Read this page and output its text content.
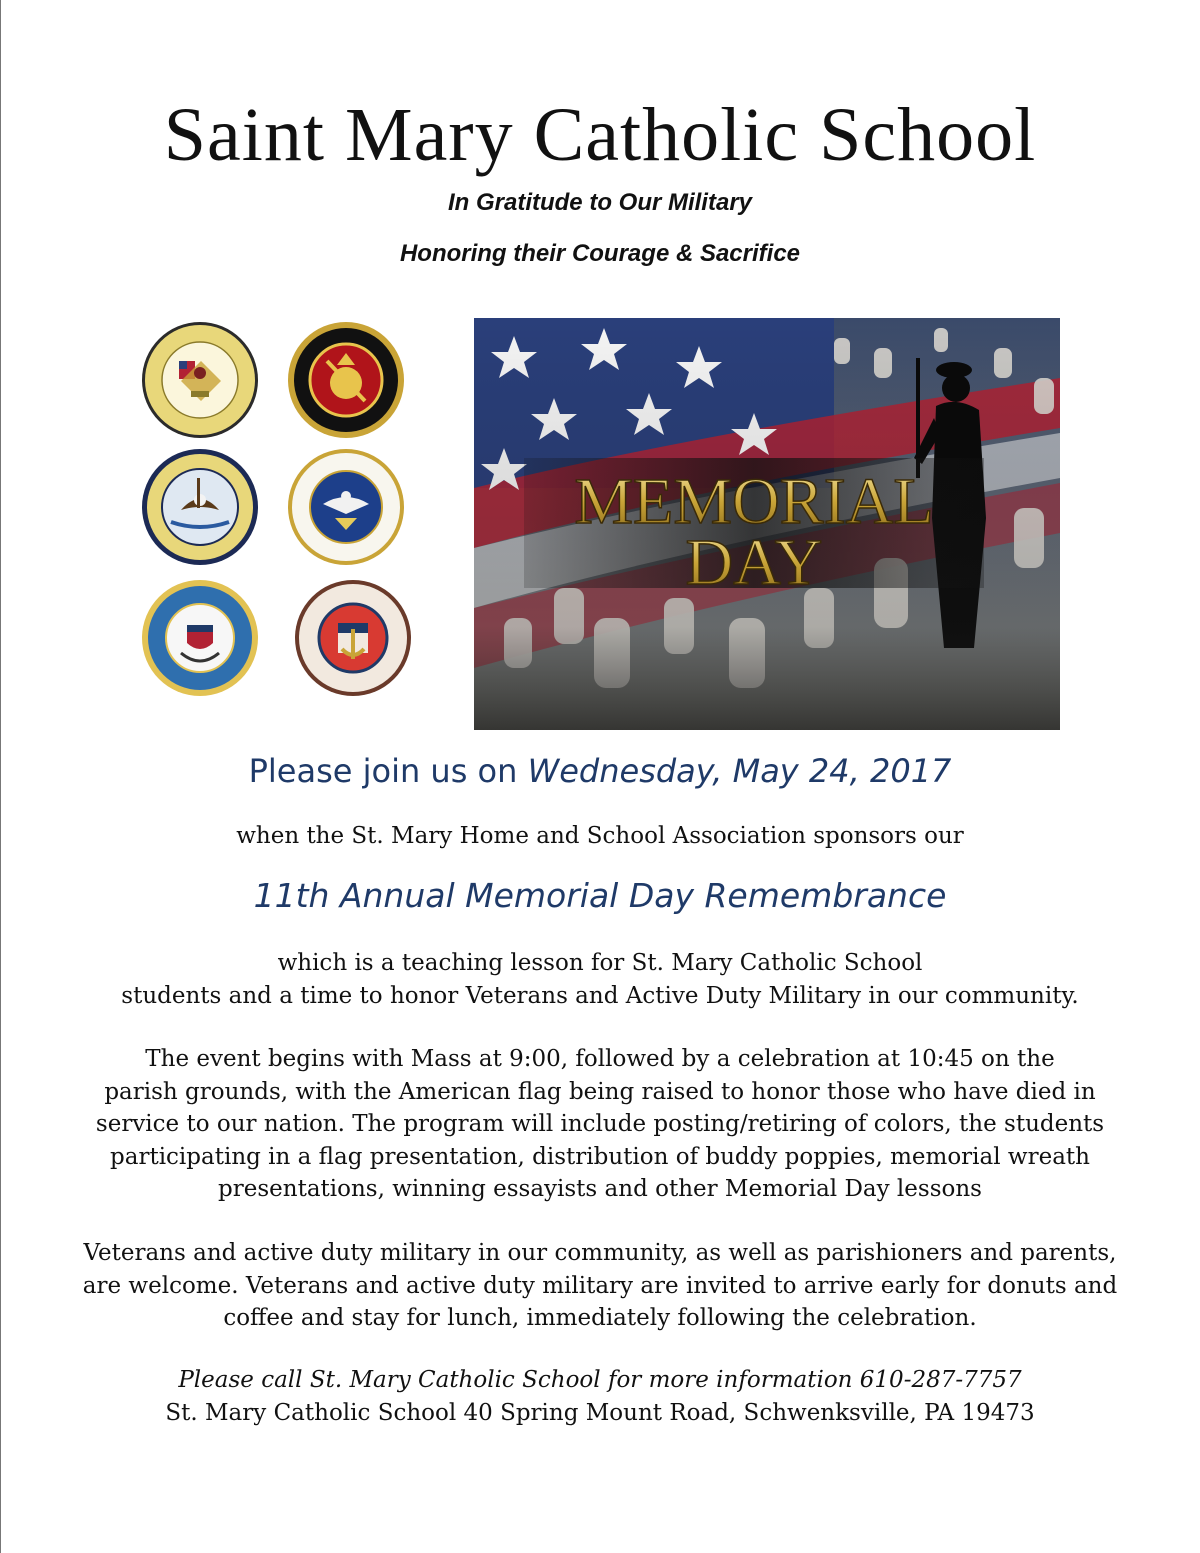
Saint Mary Catholic School
In Gratitude to Our Military
Honoring their Courage & Sacrifice
MEMORIAL
DAY
Please join us on Wednesday, May 24, 2017
when the St. Mary Home and School Association sponsors our
11th Annual Memorial Day Remembrance
which is a teaching lesson for St. Mary Catholic School
students and a time to honor Veterans and Active Duty Military in our community.
The event begins with Mass at 9:00, followed by a celebration at 10:45 on the
parish grounds, with the American flag being raised to honor those who have died in
service to our nation. The program will include posting/retiring of colors, the students
participating in a flag presentation, distribution of buddy poppies, memorial wreath
presentations, winning essayists and other Memorial Day lessons
Veterans and active duty military in our community, as well as parishioners and parents,
are welcome. Veterans and active duty military are invited to arrive early for donuts and
coffee and stay for lunch, immediately following the celebration.
Please call St. Mary Catholic School for more information 610-287-7757
St. Mary Catholic School 40 Spring Mount Road, Schwenksville, PA 19473
